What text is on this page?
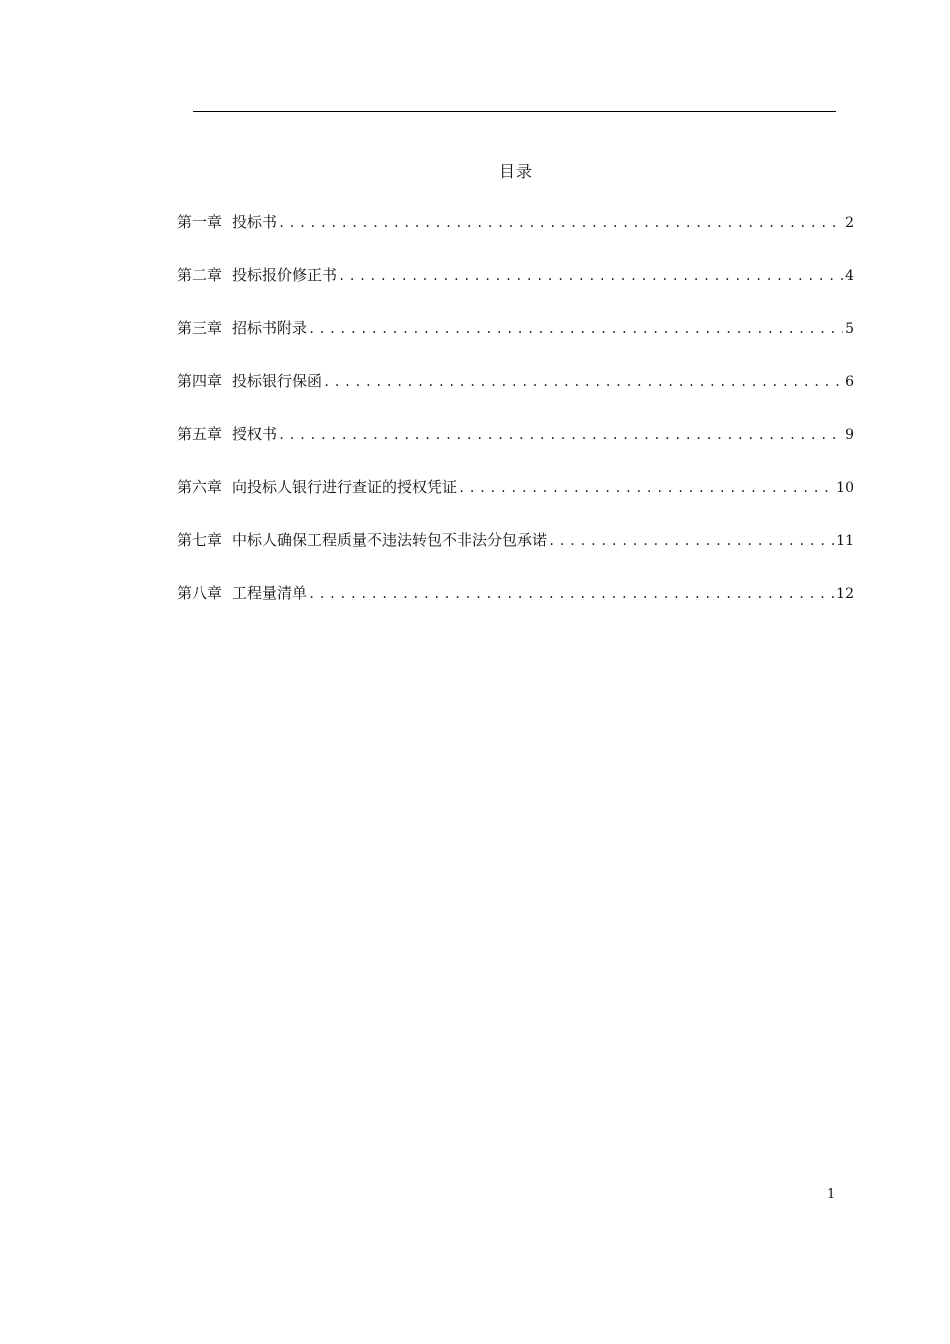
目录
第一章 投标书 .....	2
第二章 投标报价修正书 .....	4
第三章 招标书附录 .....	5
第四章 投标银行保函 .....	6
第五章 授权书 .....	9
第六章 向投标人银行进行查证的授权凭证 .....	10
第七章 中标人确保工程质量不违法转包不非法分包承诺 .....	11
第八章 工程量清单 .....	12
1
